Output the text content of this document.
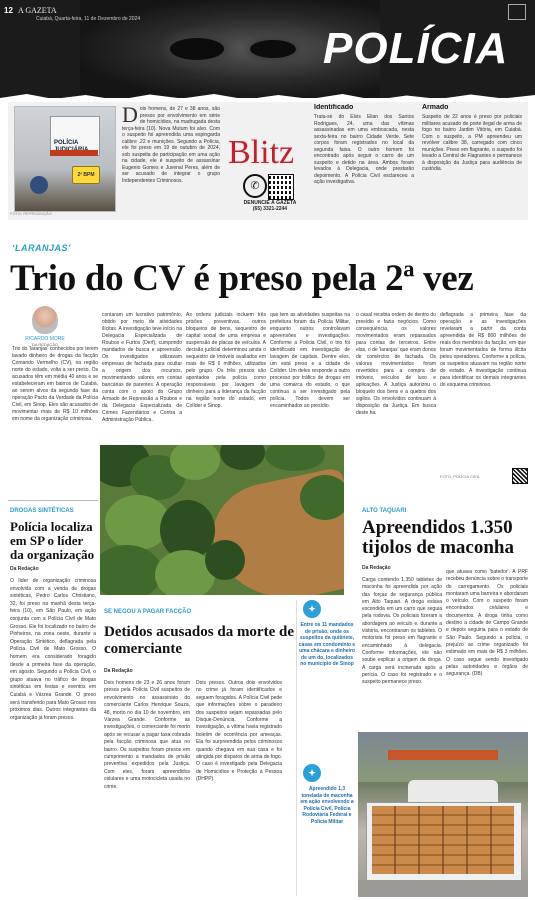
12 A GAZETA
Cuiabá, Quarta-feira, 11 de Dezembro de 2024
POLÍCIA
POLÍCIA
2º BPM
FOTO: REPRODUÇÃO
Dois homens, de 27 e 38 anos, são presos por envolvimento em série de homicídios, na madrugada desta terça-feira (10). Nova Mutum foi alvo. Com o suspeito foi apreendida uma espingarda calibre .22 e munições. Segundo a Polícia, ele foi preso em 19 de outubro de 2024, sob suspeita de participação em uma ação na cidade, ele é suspeito de assassinar Eugenio Gomes e Juvenal Peres, além de ser acusado de integrar o grupo Independentes Criminosos.
Blitz
✆
DENUNCIE À GAZETA
(65) 3321-2244
Identificado
Trata-se do Elvis Elian dos Santos Rodrigues, 24, uma das vítimas assassinadas em uma emboscada, nesta sexta-feira no bairro Cidade Verde. Sete corpos foram registrados no local da segunda faixa. O outro homem foi encontrado após seguir o carro de um suspeito e detido na área. Ambos foram levados à Delegacia, onde prestarão depoimento. A Polícia Civil esclareceu a ação investigativa.
Armado
Suspeito de 22 anos é preso por policiais militares acusado de porte ilegal de arma de fogo no bairro Jardim Vitória, em Cuiabá. Com o suspeito, a PM apreendeu um revólver calibre 38, carregado com cinco munições. Preso em flagrante, o suspeito foi levado a Central de Flagrantes e permanece à disposição da Justiça para audiência de custódia.
‘LARANJAS’
Trio do CV é preso pela 2ª vez
RICARDO MORE
DA REDAÇÃO
Trio do 'laranjas' conhecidos por terem lavado dinheiro de drogas da facção Comando Vermelho (CV), na região norte do estado, volta a ser preso. Os acusados têm em média 40 anos e se estabeleceram em bairros de Cuiabá, ao serem alvos da segunda fase da operação Pacto da Verdade da Polícia Civil, em Sinop. Eles são acusados de movimentar mais de R$ 10 milhões em nome da organização criminosa.
contaram um lucrativo patrimônio, obtido por meio de atividades ilícitas. A investigação teve início na Delegacia Especializada de Roubos e Furtos (Derf), cumprindo mandados de busca e apreensão. Os investigados utilizavam empresas de fachada para ocultar a origem dos recursos, movimentando valores em contas bancárias de parentes. A operação conta com o apoio do Grupo Armado de Repressão a Roubos e da Delegacia Especializada de Crimes Fazendários e Contra a Administração Pública.
As ordens judiciais incluem três prisões preventivas, outros bloqueios de bens, sequestro de capital social de uma empresa e suspensão de placas de veículos. A decisão judicial determinou ainda o sequestro de imóveis avaliados em mais de R$ 6 milhões, utilizados pelo grupo. Os três presos são apontados pela polícia como responsáveis por lavagem de dinheiro para a liderança da facção na região norte do estado, em Colíder e Sinop.
que tem as atividades suspeitas na prefeitura foram da Polícia Militar, enquanto outros controlavam apreensões e investigações. Conforme a Polícia Civil, o trio foi identificado em investigação de lavagem de capitais. Dentre eles, um está preso e a cidade de Colíder. Um deles responde a outro processo por tráfico de drogas em uma comarca do estado, o que continua a ser investigado pela polícia. Todos devem ser encaminhados ao presídio.
o casal recebia ordem de dentro do presídio e fazia negócios. Como consequência, os valores movimentados eram repassados para contas de terceiros. Entre elas, o de 'laranjas' que eram donos de comércios de fachada. Os valores movimentados foram revertidos para a compra de imóveis, veículos de luxo e aplicações. A Justiça autorizou o bloqueio dos bens e a quebra dos sigilos. Os envolvidos continuam à disposição da Justiça. Em busca deste ha.
deflagrada a primeira fase da operação e as investigações revelaram a partir da conta apreendida de R$ 800 milhões de reais dos membros da facção, em que foram movimentados de forma ilícita pelos operadores. Conforme a polícia, os suspeitos atuavam na região norte do estado. A investigação continua para identificar os demais integrantes do esquema criminoso.
FOTO: POLÍCIA CIVIL
DROGAS SINTÉTICAS
Polícia localiza em SP o líder da organização
Da Redação
O líder de organização criminosa envolvida com a venda de drogas sintéticas, Pedro Carlos Christiano, 32, foi preso na manhã desta terça-feira (10), em São Paulo, em ação conjunta com a Polícia Civil de Mato Grosso. Ele foi localizado no bairro de Pinheiros, na zona oeste, durante a Operação Sintético, deflagrada pela Polícia Civil de Mato Grosso. O homem era considerado foragido desde a primeira fase da operação, em agosto. Segundo a Polícia Civil, o grupo atuava no tráfico de drogas sintéticas em festas e eventos em Cuiabá e Várzea Grande. O preso será transferido para Mato Grosso nos próximos dias. Outros integrantes da organização já foram presos.
SE NEGOU A PAGAR FACÇÃO
Detidos acusados da morte de comerciante
Da Redação
Dois homens de 23 e 26 anos foram presos pela Polícia Civil suspeitos de envolvimento no assassinato do comerciante Carlos Henrique Souza, 48, morto no dia 10 de novembro, em Várzea Grande. Conforme as investigações, o comerciante foi morto após se recusar a pagar taxa cobrada pela facção criminosa que atua no bairro. Os suspeitos foram presos em cumprimento a mandados de prisão preventiva expedidos pela Justiça. Com eles, foram apreendidos celulares e uma motocicleta usada no crime.
Dois presos. Outros dois envolvidos no crime já foram identificados e seguem foragidos. A Polícia Civil pede que informações sobre o paradeiro dos suspeitos sejam repassadas pelo Disque-Denúncia. Conforme a investigação, a vítima havia registrado boletim de ocorrência por ameaças. Ela foi surpreendida pelos criminosos quando chegava em sua casa e foi atingida por disparos de arma de fogo. O caso é investigado pela Delegacia de Homicídios e Proteção à Pessoa (DHPP).
✦
Entre os 11 mandados de prisão, onde os suspeitos da quitinete, casas em condomínio e uma chácara e dinheiro de um do, localizados no município de Sinop
✦
Apreendido 1,3 tonelada de maconha em ação envolvendo a Polícia Civil, Polícia Rodoviária Federal e Polícia Militar
ALTO TAQUARI
Apreendidos 1.350 tijolos de maconha
Da Redação
Carga contendo 1.350 tabletes de maconha foi apreendida por ação das forças de segurança pública em Alto Taquari. A droga estava escondida em um carro que seguia pela rodovia. Os policiais fizeram a abordagem ao veículo e, durante a vistoria, encontraram os tabletes. O motorista foi preso em flagrante e encaminhado à delegacia. Conforme informações, ele não soube explicar a origem da droga. A carga será incinerada após a perícia. O caso foi registrado e o suspeito permanece preso.
que atuava como 'batedor'. A PRF recebeu denúncia sobre o transporte do carregamento. Os policiais montaram uma barreira e abordaram o veículo. Com o suspeito foram encontrados celulares e documentos. A droga tinha como destino a cidade de Campo Grande e depois seguiria para o estado de São Paulo. Segundo a polícia, o prejuízo ao crime organizado foi estimado em mais de R$ 3 milhões. O caso segue sendo investigado pelas autoridades e órgãos de segurança. (DB)
